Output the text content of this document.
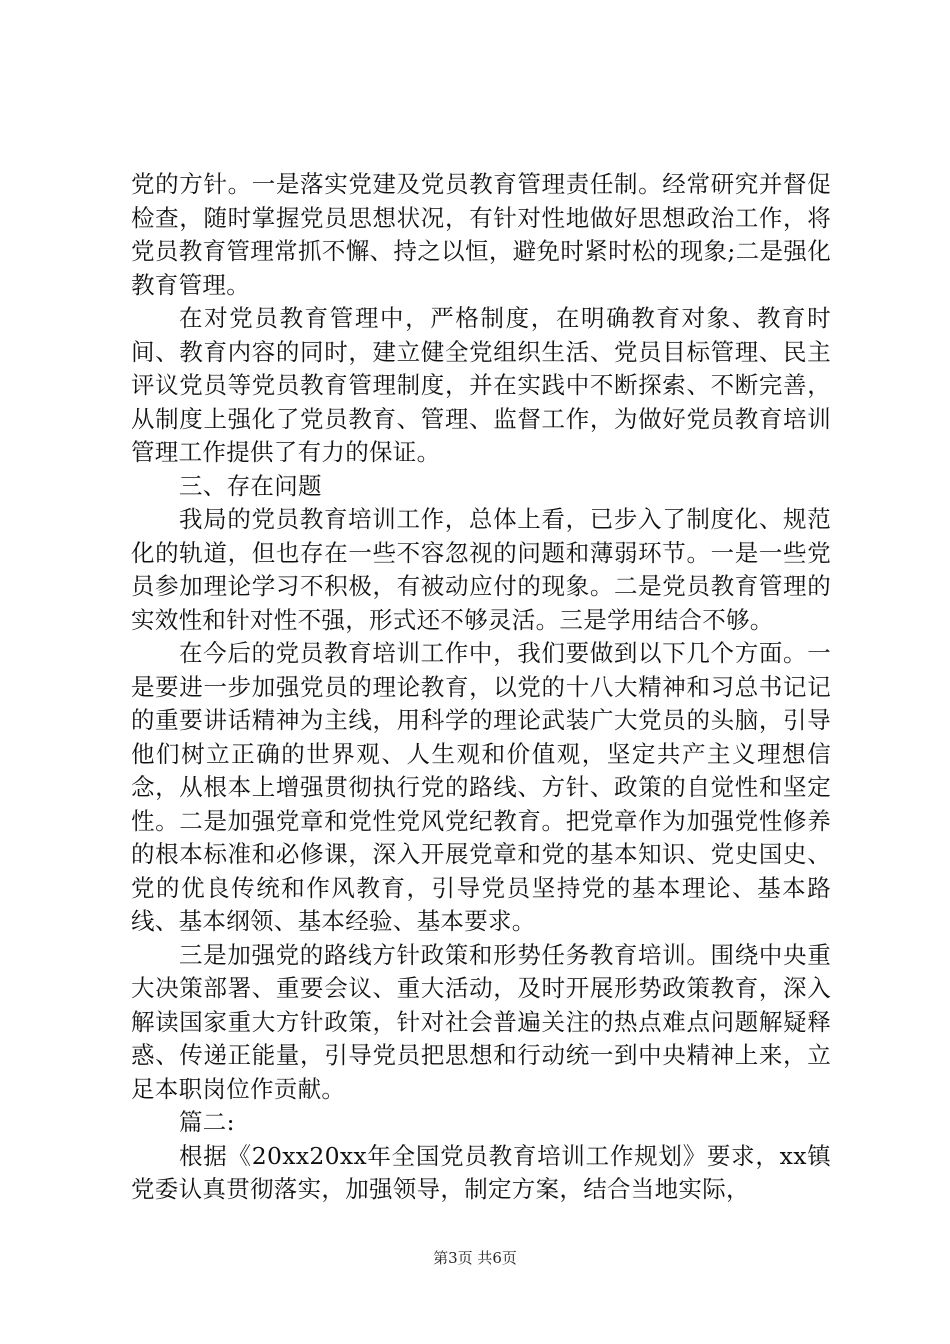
党的方针。一是落实党建及党员教育管理责任制。经常研究并督促检查，随时掌握党员思想状况，有针对性地做好思想政治工作，将党员教育管理常抓不懈、持之以恒，避免时紧时松的现象;二是强化教育管理。

在对党员教育管理中，严格制度，在明确教育对象、教育时间、教育内容的同时，建立健全党组织生活、党员目标管理、民主评议党员等党员教育管理制度，并在实践中不断探索、不断完善，从制度上强化了党员教育、管理、监督工作，为做好党员教育培训管理工作提供了有力的保证。

三、存在问题

我局的党员教育培训工作，总体上看，已步入了制度化、规范化的轨道，但也存在一些不容忽视的问题和薄弱环节。一是一些党员参加理论学习不积极，有被动应付的现象。二是党员教育管理的实效性和针对性不强，形式还不够灵活。三是学用结合不够。

在今后的党员教育培训工作中，我们要做到以下几个方面。一是要进一步加强党员的理论教育，以党的十八大精神和习总书记记的重要讲话精神为主线，用科学的理论武装广大党员的头脑，引导他们树立正确的世界观、人生观和价值观，坚定共产主义理想信念，从根本上增强贯彻执行党的路线、方针、政策的自觉性和坚定性。二是加强党章和党性党风党纪教育。把党章作为加强党性修养的根本标准和必修课，深入开展党章和党的基本知识、党史国史、党的优良传统和作风教育，引导党员坚持党的基本理论、基本路线、基本纲领、基本经验、基本要求。

三是加强党的路线方针政策和形势任务教育培训。围绕中央重大决策部署、重要会议、重大活动，及时开展形势政策教育，深入解读国家重大方针政策，针对社会普遍关注的热点难点问题解疑释惑、传递正能量，引导党员把思想和行动统一到中央精神上来，立足本职岗位作贡献。

篇二:

根据《20xx20xx年全国党员教育培训工作规划》要求，xx镇党委认真贯彻落实，加强领导，制定方案，结合当地实际，

第3页 共6页
